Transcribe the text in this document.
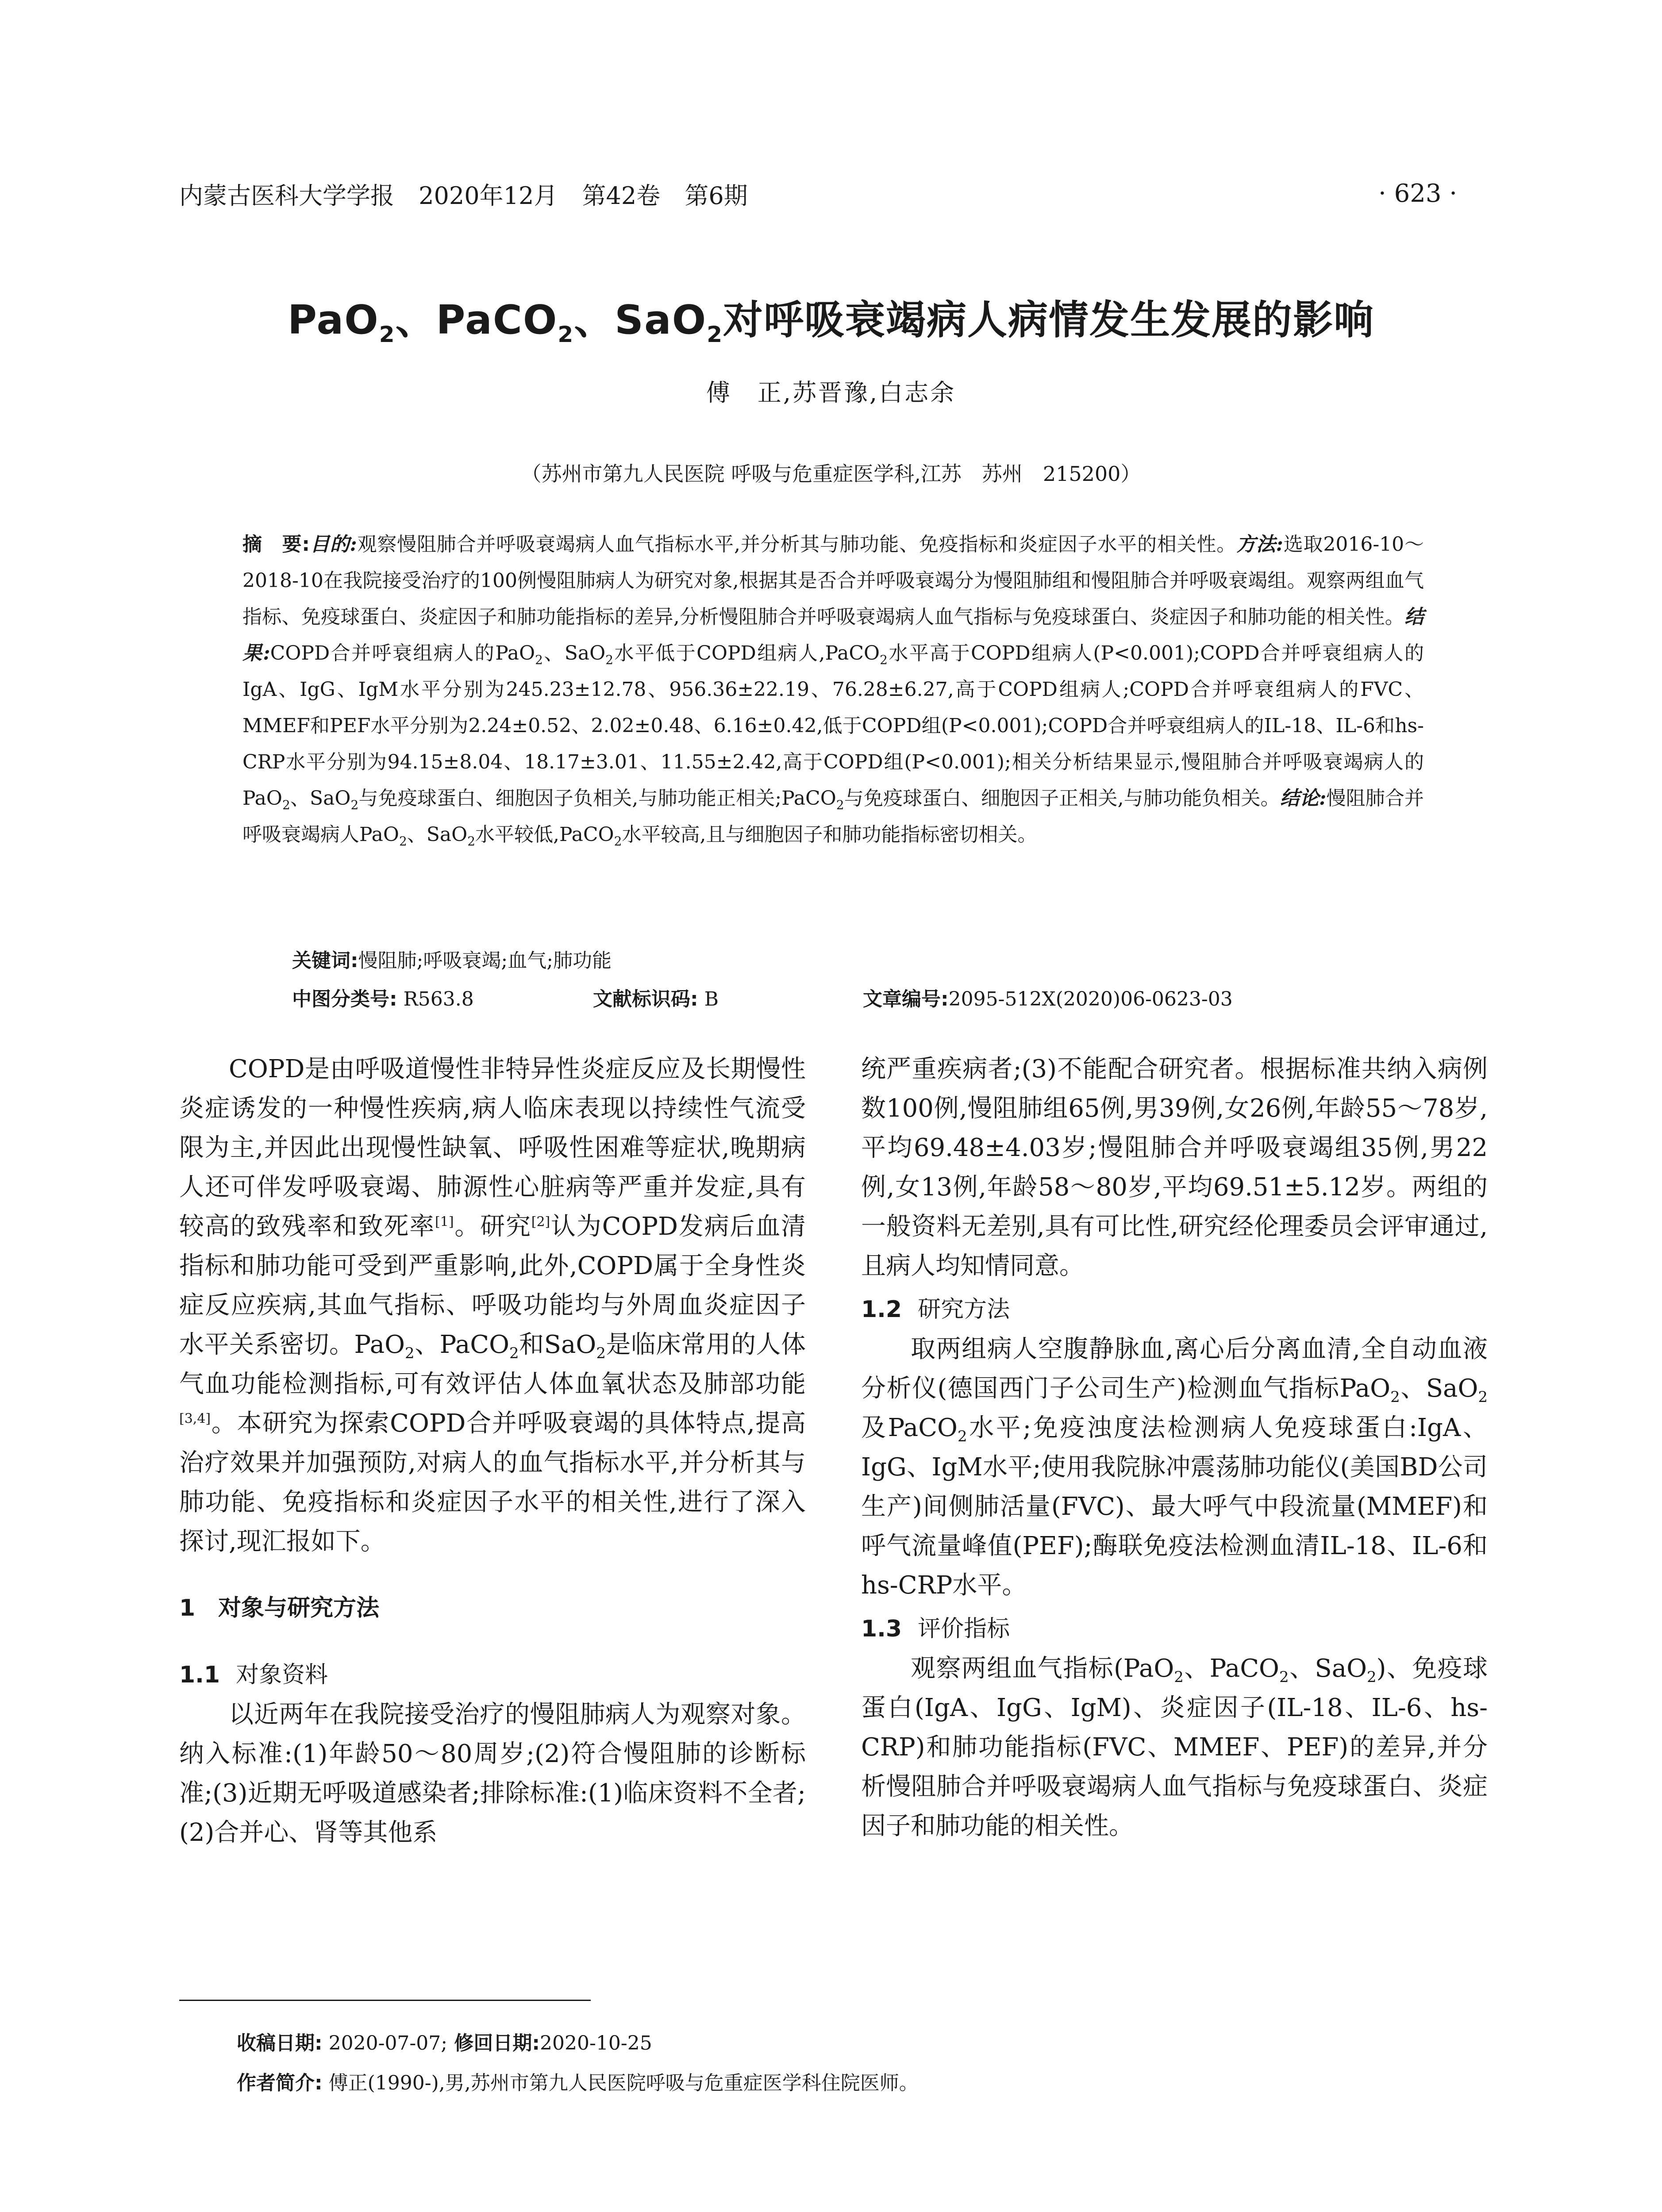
内蒙古医科大学学报 2020年12月 第42卷 第6期	· 623 ·
PaO$_2$、PaCO$_2$、SaO$_2$对呼吸衰竭病人病情发生发展的影响
傅　正,苏晋豫,白志余
（苏州市第九人民医院 呼吸与危重症医学科,江苏　苏州　215200）
摘　要:目的:观察慢阻肺合并呼吸衰竭病人血气指标水平,并分析其与肺功能、免疫指标和炎症因子水平的相关性。方法:选取2016-10～2018-10在我院接受治疗的100例慢阻肺病人为研究对象,根据其是否合并呼吸衰竭分为慢阻肺组和慢阻肺合并呼吸衰竭组。观察两组血气指标、免疫球蛋白、炎症因子和肺功能指标的差异,分析慢阻肺合并呼吸衰竭病人血气指标与免疫球蛋白、炎症因子和肺功能的相关性。结果:COPD合并呼衰组病人的PaO$_2$、SaO$_2$水平低于COPD组病人,PaCO$_2$水平高于COPD组病人(P<0.001);COPD合并呼衰组病人的IgA、IgG、IgM水平分别为245.23±12.78、956.36±22.19、76.28±6.27,高于COPD组病人;COPD合并呼衰组病人的FVC、MMEF和PEF水平分别为2.24±0.52、2.02±0.48、6.16±0.42,低于COPD组(P<0.001);COPD合并呼衰组病人的IL-18、IL-6和hs-CRP水平分别为94.15±8.04、18.17±3.01、11.55±2.42,高于COPD组(P<0.001);相关分析结果显示,慢阻肺合并呼吸衰竭病人的PaO$_2$、SaO$_2$与免疫球蛋白、细胞因子负相关,与肺功能正相关;PaCO$_2$与免疫球蛋白、细胞因子正相关,与肺功能负相关。结论:慢阻肺合并呼吸衰竭病人PaO$_2$、SaO$_2$水平较低,PaCO$_2$水平较高,且与细胞因子和肺功能指标密切相关。
关键词:慢阻肺;呼吸衰竭;血气;肺功能
中图分类号: R563.8	文献标识码: B	文章编号:2095-512X(2020)06-0623-03

COPD是由呼吸道慢性非特异性炎症反应及长期慢性炎症诱发的一种慢性疾病,病人临床表现以持续性气流受限为主,并因此出现慢性缺氧、呼吸性困难等症状,晚期病人还可伴发呼吸衰竭、肺源性心脏病等严重并发症,具有较高的致残率和致死率[1]。研究[2]认为COPD发病后血清指标和肺功能可受到严重影响,此外,COPD属于全身性炎症反应疾病,其血气指标、呼吸功能均与外周血炎症因子水平关系密切。PaO$_2$、PaCO$_2$和SaO$_2$是临床常用的人体气血功能检测指标,可有效评估人体血氧状态及肺部功能[3,4]。本研究为探索COPD合并呼吸衰竭的具体特点,提高治疗效果并加强预防,对病人的血气指标水平,并分析其与肺功能、免疫指标和炎症因子水平的相关性,进行了深入探讨,现汇报如下。

1　对象与研究方法
1.1 对象资料

以近两年在我院接受治疗的慢阻肺病人为观察对象。纳入标准:(1)年龄50～80周岁;(2)符合慢阻肺的诊断标准;(3)近期无呼吸道感染者;排除标准:(1)临床资料不全者;(2)合并心、肾等其他系

统严重疾病者;(3)不能配合研究者。根据标准共纳入病例数100例,慢阻肺组65例,男39例,女26例,年龄55～78岁,平均69.48±4.03岁;慢阻肺合并呼吸衰竭组35例,男22例,女13例,年龄58～80岁,平均69.51±5.12岁。两组的一般资料无差别,具有可比性,研究经伦理委员会评审通过,且病人均知情同意。

1.2 研究方法

取两组病人空腹静脉血,离心后分离血清,全自动血液分析仪(德国西门子公司生产)检测血气指标PaO$_2$、SaO$_2$及PaCO$_2$水平;免疫浊度法检测病人免疫球蛋白:IgA、IgG、IgM水平;使用我院脉冲震荡肺功能仪(美国BD公司生产)间侧肺活量(FVC)、最大呼气中段流量(MMEF)和呼气流量峰值(PEF);酶联免疫法检测血清IL-18、IL-6和hs-CRP水平。

1.3 评价指标

观察两组血气指标(PaO$_2$、PaCO$_2$、SaO$_2$)、免疫球蛋白(IgA、IgG、IgM)、炎症因子(IL-18、IL-6、hs-CRP)和肺功能指标(FVC、MMEF、PEF)的差异,并分析慢阻肺合并呼吸衰竭病人血气指标与免疫球蛋白、炎症因子和肺功能的相关性。

收稿日期: 2020-07-07; 修回日期:2020-10-25
作者简介: 傅正(1990-),男,苏州市第九人民医院呼吸与危重症医学科住院医师。
